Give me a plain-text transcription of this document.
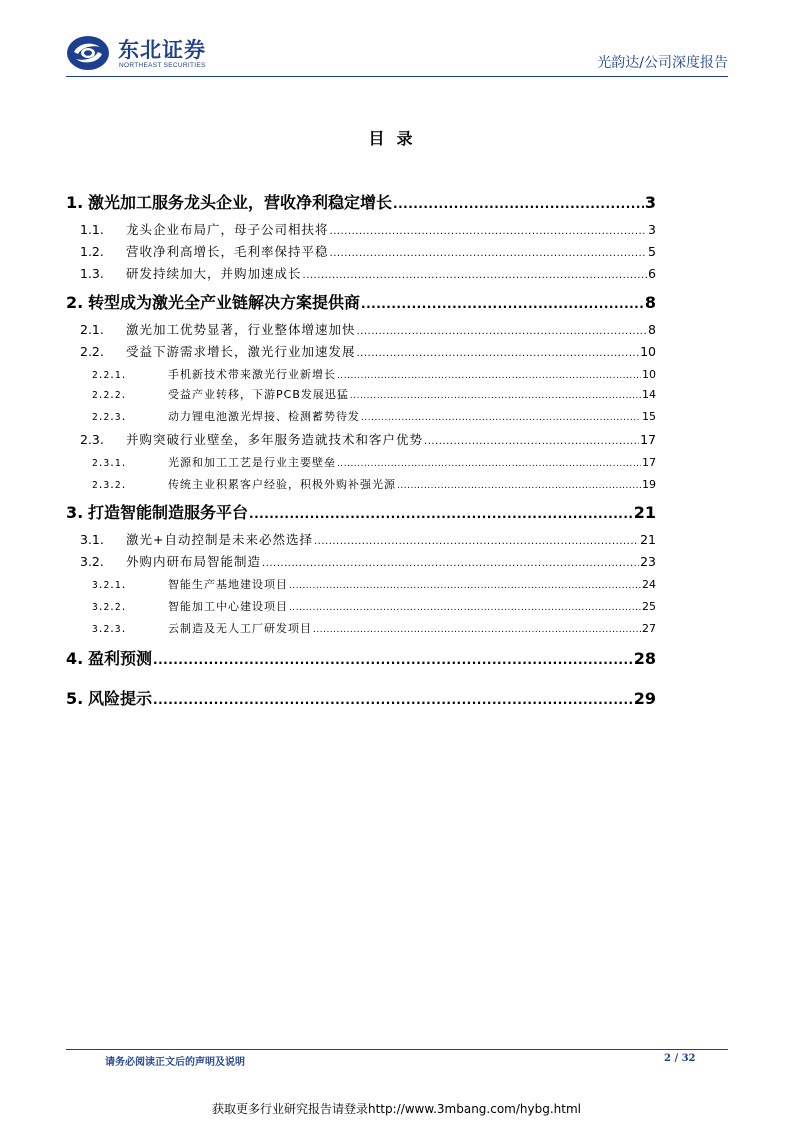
东北证券
NORTHEAST SECURITIES	光韵达/公司深度报告
目录
1. 激光加工服务龙头企业，营收净利稳定增长 .....	3
1.1.	龙头企业布局广，母子公司相扶将 .....	3
1.2.	营收净利高增长，毛利率保持平稳 .....	5
1.3.	研发持续加大，并购加速成长 .....	6
2. 转型成为激光全产业链解决方案提供商 .....	8
2.1.	激光加工优势显著，行业整体增速加快 .....	8
2.2.	受益下游需求增长，激光行业加速发展 .....	10
2.2.1.	手机新技术带来激光行业新增长 .....	10
2.2.2.	受益产业转移，下游PCB发展迅猛 .....	14
2.2.3.	动力锂电池激光焊接、检测蓄势待发 .....	15
2.3.	并购突破行业壁垒，多年服务造就技术和客户优势 .....	17
2.3.1.	光源和加工工艺是行业主要壁垒 .....	17
2.3.2.	传统主业积累客户经验，积极外购补强光源 .....	19
3. 打造智能制造服务平台 .....	21
3.1.	激光+自动控制是未来必然选择 .....	21
3.2.	外购内研布局智能制造 .....	23
3.2.1.	智能生产基地建设项目 .....	24
3.2.2.	智能加工中心建设项目 .....	25
3.2.3.	云制造及无人工厂研发项目 .....	27
4. 盈利预测 .....	28
5. 风险提示 .....	29
请务必阅读正文后的声明及说明	2 / 32
获取更多行业研究报告请登录http://www.3mbang.com/hybg.html
